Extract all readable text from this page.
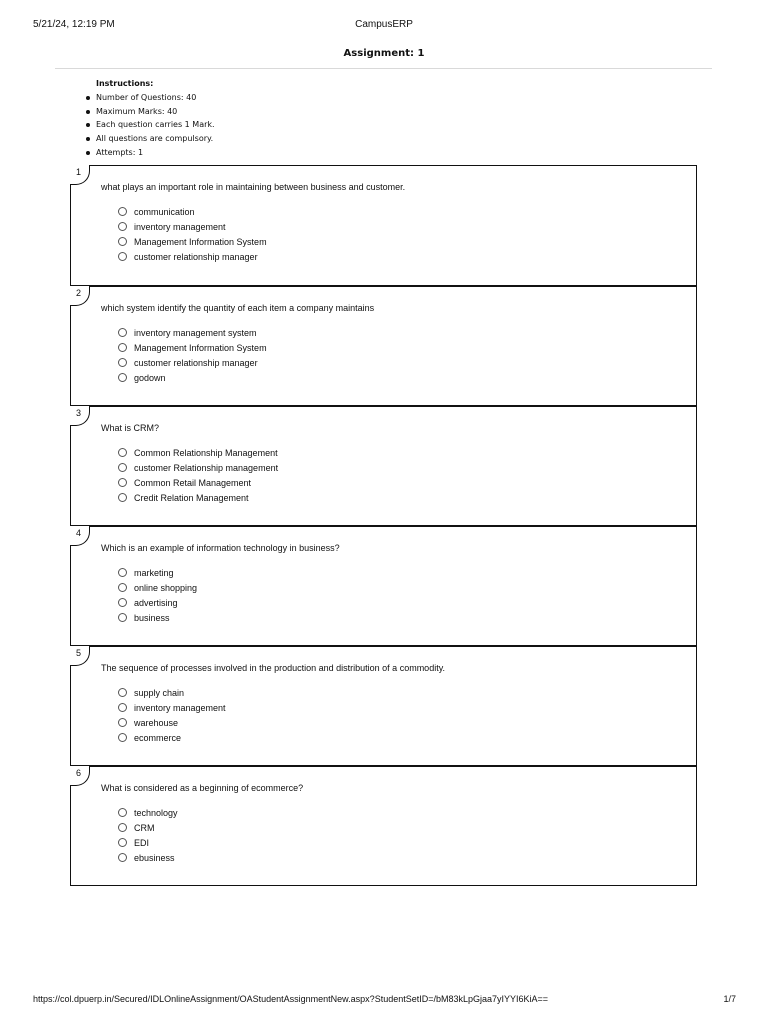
5/21/24, 12:19 PM	CampusERP
Assignment: 1
Instructions:
Number of Questions: 40
Maximum Marks: 40
Each question carries 1 Mark.
All questions are compulsory.
Attempts: 1
1
what plays an important role in maintaining between business and customer.
communication
inventory management
Management Information System
customer relationship manager
2
which system identify the quantity of each item a company maintains
inventory management system
Management Information System
customer relationship manager
godown
3
What is CRM?
Common Relationship Management
customer Relationship management
Common Retail Management
Credit Relation Management
4
Which is an example of information technology in business?
marketing
online shopping
advertising
business
5
The sequence of processes involved in the production and distribution of a commodity.
supply chain
inventory management
warehouse
ecommerce
6
What is considered as a beginning of ecommerce?
technology
CRM
EDI
ebusiness
https://col.dpuerp.in/Secured/IDLOnlineAssignment/OAStudentAssignmentNew.aspx?StudentSetID=/bM83kLpGjaa7yIYYI6KiA==	1/7
